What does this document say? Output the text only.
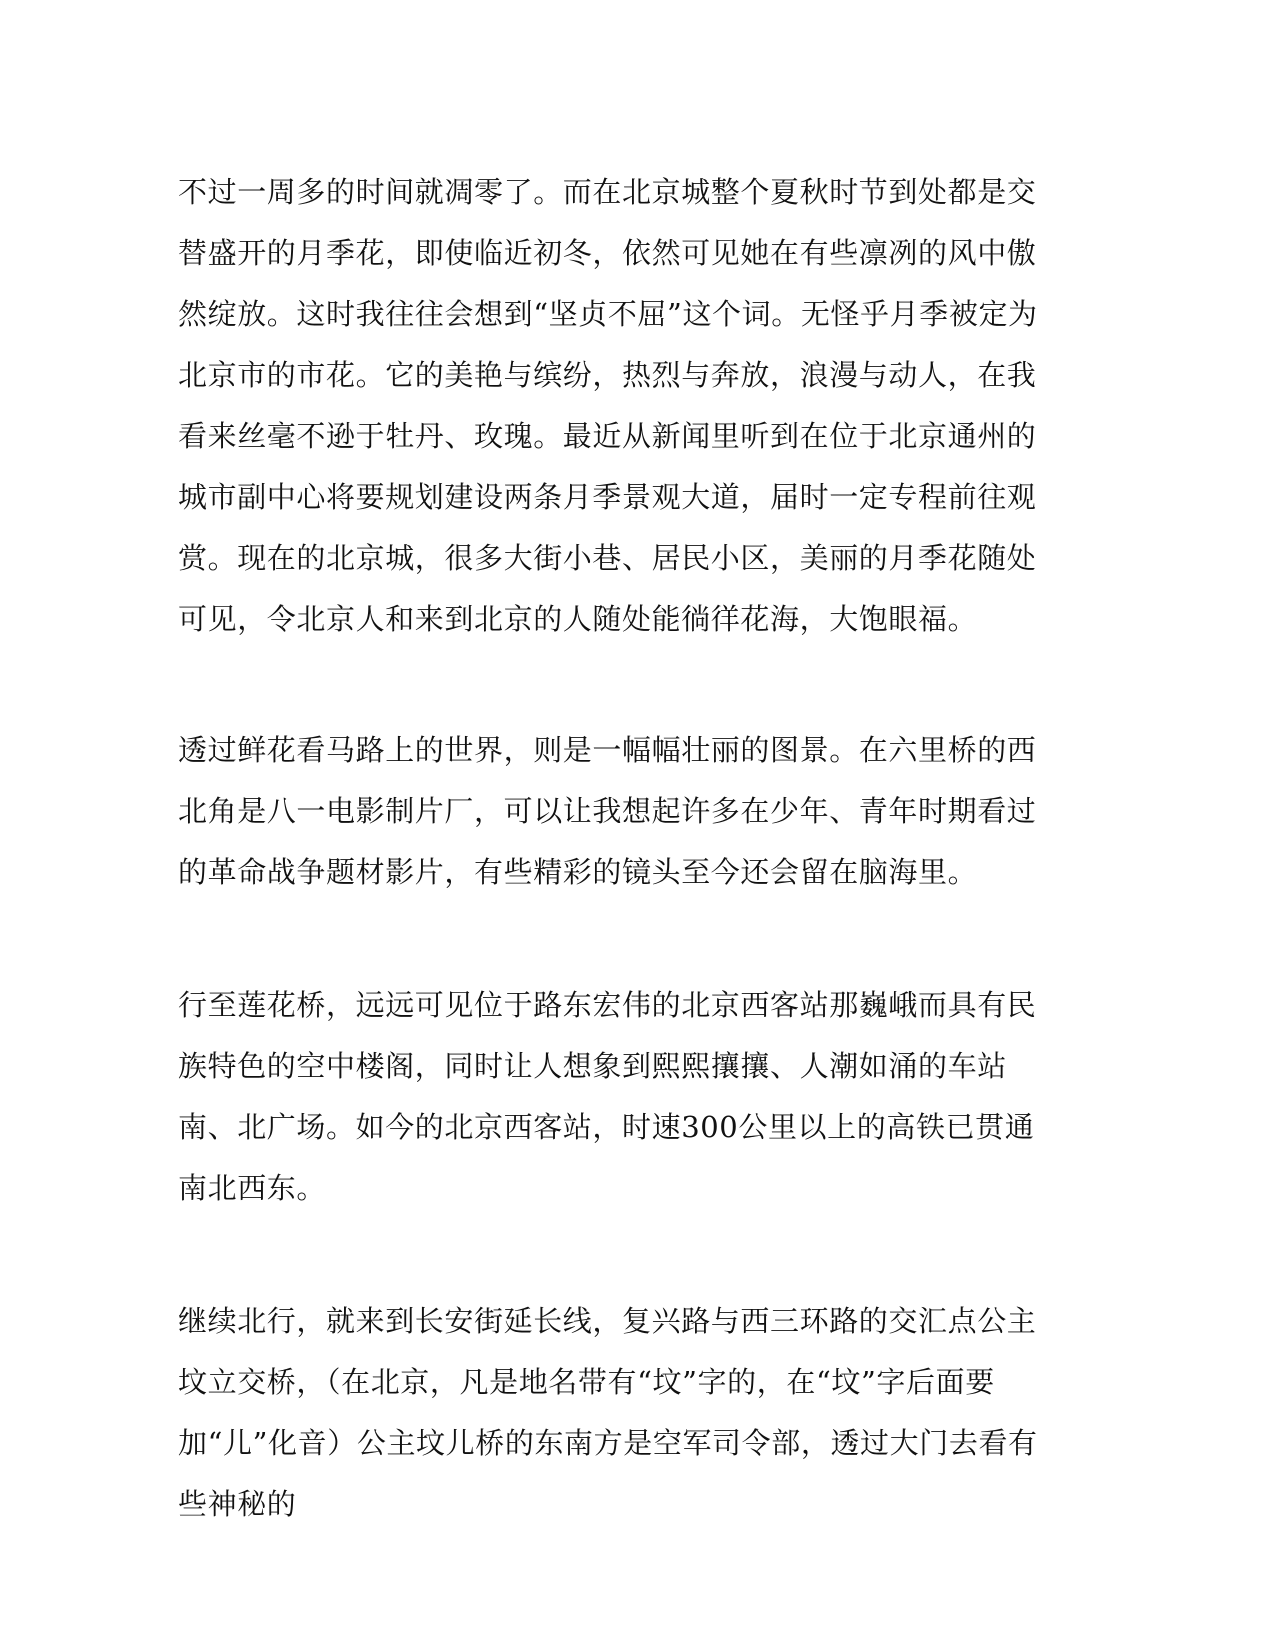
不过一周多的时间就凋零了。而在北京城整个夏秋时节到处都是交替盛开的月季花，即使临近初冬，依然可见她在有些凛冽的风中傲然绽放。这时我往往会想到“坚贞不屈”这个词。无怪乎月季被定为北京市的市花。它的美艳与缤纷，热烈与奔放，浪漫与动人，在我看来丝毫不逊于牡丹、玫瑰。最近从新闻里听到在位于北京通州的城市副中心将要规划建设两条月季景观大道，届时一定专程前往观赏。现在的北京城，很多大街小巷、居民小区，美丽的月季花随处可见，令北京人和来到北京的人随处能徜徉花海，大饱眼福。

透过鲜花看马路上的世界，则是一幅幅壮丽的图景。在六里桥的西北角是八一电影制片厂，可以让我想起许多在少年、青年时期看过的革命战争题材影片，有些精彩的镜头至今还会留在脑海里。

行至莲花桥，远远可见位于路东宏伟的北京西客站那巍峨而具有民族特色的空中楼阁，同时让人想象到熙熙攘攘、人潮如涌的车站南、北广场。如今的北京西客站，时速300公里以上的高铁已贯通南北西东。

继续北行，就来到长安街延长线，复兴路与西三环路的交汇点公主坟立交桥，（在北京，凡是地名带有“坟”字的，在“坟”字后面要加“儿”化音）公主坟儿桥的东南方是空军司令部，透过大门去看有些神秘的
